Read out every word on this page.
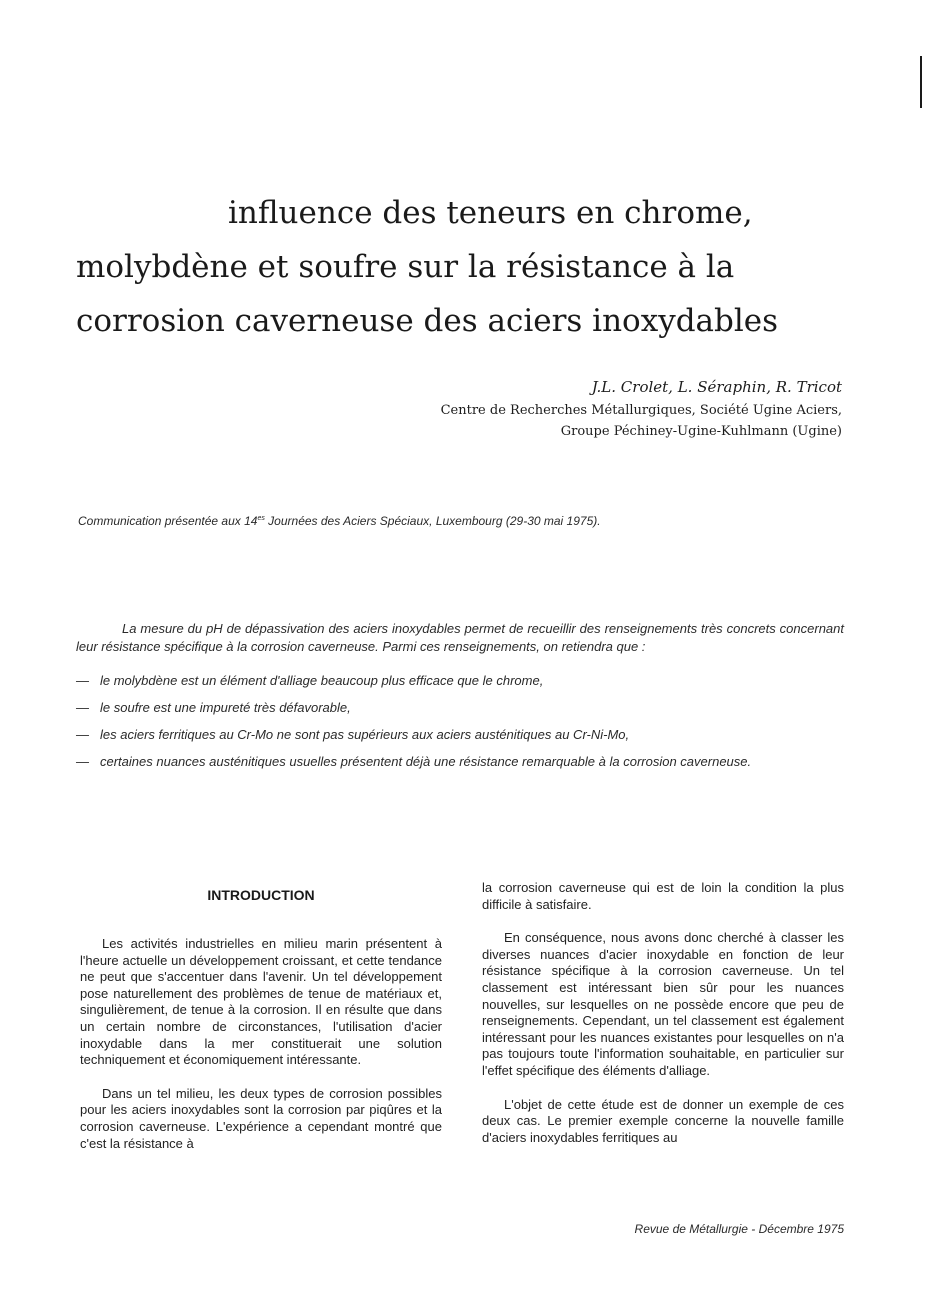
influence des teneurs en chrome,
molybdène et soufre sur la résistance à la
corrosion caverneuse des aciers inoxydables
J.L. Crolet, L. Séraphin, R. Tricot
Centre de Recherches Métallurgiques, Société Ugine Aciers,
Groupe Péchiney-Ugine-Kuhlmann (Ugine)
Communication présentée aux $14^{es}$ Journées des Aciers Spéciaux, Luxembourg (29-30 mai 1975).

La mesure du pH de dépassivation des aciers inoxydables permet de recueillir des renseignements très concrets concernant leur résistance spécifique à la corrosion caverneuse. Parmi ces renseignements, on retiendra que :

— le molybdène est un élément d'alliage beaucoup plus efficace que le chrome,
— le soufre est une impureté très défavorable,
— les aciers ferritiques au Cr-Mo ne sont pas supérieurs aux aciers austénitiques au Cr-Ni-Mo,
— certaines nuances austénitiques usuelles présentent déjà une résistance remarquable à la corrosion caverneuse.
INTRODUCTION

Les activités industrielles en milieu marin présentent à l'heure actuelle un développement croissant, et cette tendance ne peut que s'accentuer dans l'avenir. Un tel développement pose naturellement des problèmes de tenue de matériaux et, singulièrement, de tenue à la corrosion. Il en résulte que dans un certain nombre de circonstances, l'utilisation d'acier inoxydable dans la mer constituerait une solution techniquement et économiquement intéressante.

Dans un tel milieu, les deux types de corrosion possibles pour les aciers inoxydables sont la corrosion par piqûres et la corrosion caverneuse. L'expérience a cependant montré que c'est la résistance à

la corrosion caverneuse qui est de loin la condition la plus difficile à satisfaire.

En conséquence, nous avons donc cherché à classer les diverses nuances d'acier inoxydable en fonction de leur résistance spécifique à la corrosion caverneuse. Un tel classement est intéressant bien sûr pour les nuances nouvelles, sur lesquelles on ne possède encore que peu de renseignements. Cependant, un tel classement est également intéressant pour les nuances existantes pour lesquelles on n'a pas toujours toute l'information souhaitable, en particulier sur l'effet spécifique des éléments d'alliage.

L'objet de cette étude est de donner un exemple de ces deux cas. Le premier exemple concerne la nouvelle famille d'aciers inoxydables ferritiques au

Revue de Métallurgie - Décembre 1975
